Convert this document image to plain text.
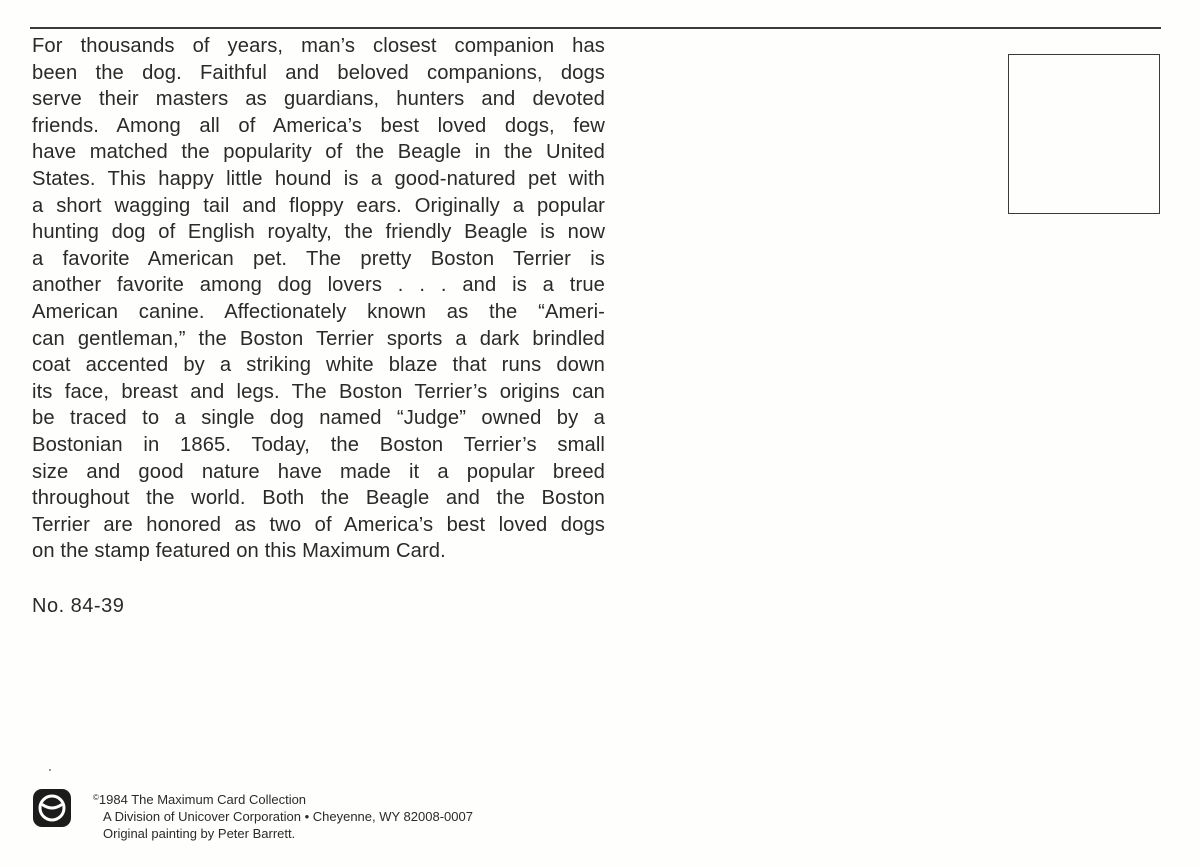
For thousands of years, man’s closest companion has
been the dog. Faithful and beloved companions, dogs
serve their masters as guardians, hunters and devoted
friends. Among all of America’s best loved dogs, few
have matched the popularity of the Beagle in the United
States. This happy little hound is a good-natured pet with
a short wagging tail and floppy ears. Originally a popular
hunting dog of English royalty, the friendly Beagle is now
a favorite American pet. The pretty Boston Terrier is
another favorite among dog lovers . . . and is a true
American canine. Affectionately known as the “Ameri-
can gentleman,” the Boston Terrier sports a dark brindled
coat accented by a striking white blaze that runs down
its face, breast and legs. The Boston Terrier’s origins can
be traced to a single dog named “Judge” owned by a
Bostonian in 1865. Today, the Boston Terrier’s small
size and good nature have made it a popular breed
throughout the world. Both the Beagle and the Boston
Terrier are honored as two of America’s best loved dogs
on the stamp featured on this Maximum Card.

No. 84-39

©1984 The Maximum Card Collection
A Division of Unicover Corporation • Cheyenne, WY 82008-0007
Original painting by Peter Barrett.
